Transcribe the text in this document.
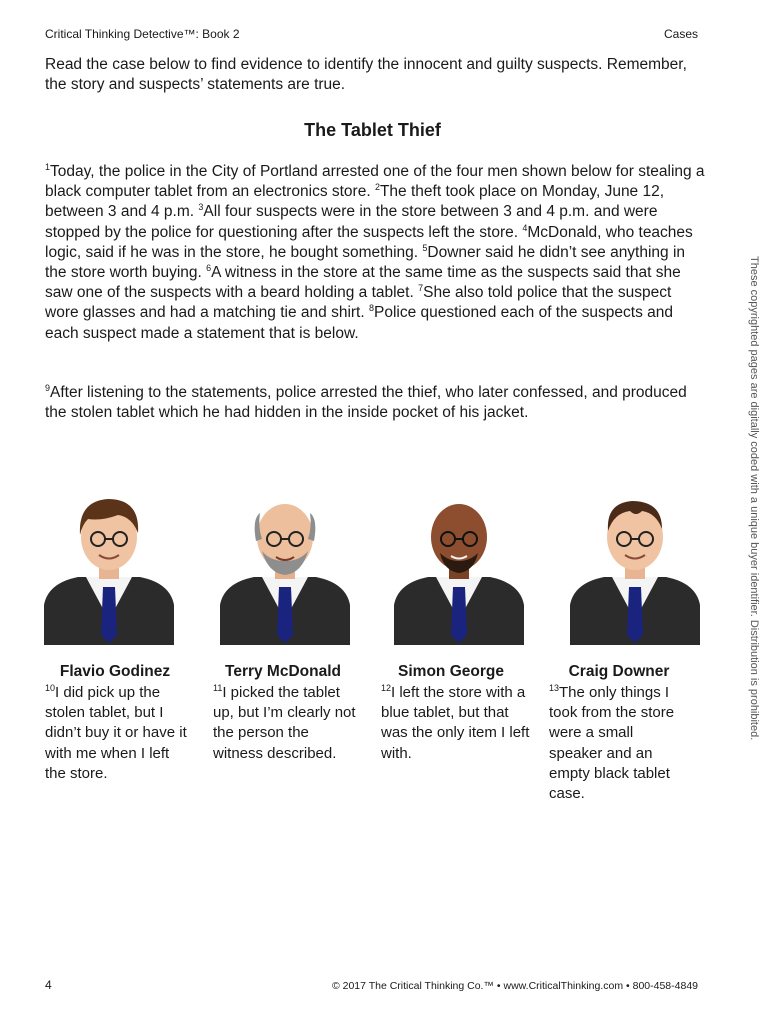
Critical Thinking Detective™: Book 2	Cases
Read the case below to find evidence to identify the innocent and guilty suspects. Remember, the story and suspects’ statements are true.
The Tablet Thief
$^1$Today, the police in the City of Portland arrested one of the four men shown below for stealing a black computer tablet from an electronics store. $^2$The theft took place on Monday, June 12, between 3 and 4 p.m. $^3$All four suspects were in the store between 3 and 4 p.m. and were stopped by the police for questioning after the suspects left the store. $^4$McDonald, who teaches logic, said if he was in the store, he bought something. $^5$Downer said he didn’t see anything in the store worth buying. $^6$A witness in the store at the same time as the suspects said that she saw one of the suspects with a beard holding a tablet. $^7$She also told police that the suspect wore glasses and had a matching tie and shirt. $^8$Police questioned each of the suspects and each suspect made a statement that is below.
$^9$After listening to the statements, police arrested the thief, who later confessed, and produced the stolen tablet which he had hidden in the inside pocket of his jacket.	These copyrighted pages are digitally coded with a unique buyer identifier. Distribution is prohibited.
Flavio Godinez
$^{10}$I did pick up the stolen tablet, but I didn’t buy it or have it with me when I left the store.
Terry McDonald
$^{11}$I picked the tablet up, but I’m clearly not the person the witness described.
Simon George
$^{12}$I left the store with a blue tablet, but that was the only item I left with.
Craig Downer
$^{13}$The only things I took from the store were a small speaker and an empty black tablet case.
4	© 2017 The Critical Thinking Co.™ • www.CriticalThinking.com • 800-458-4849
